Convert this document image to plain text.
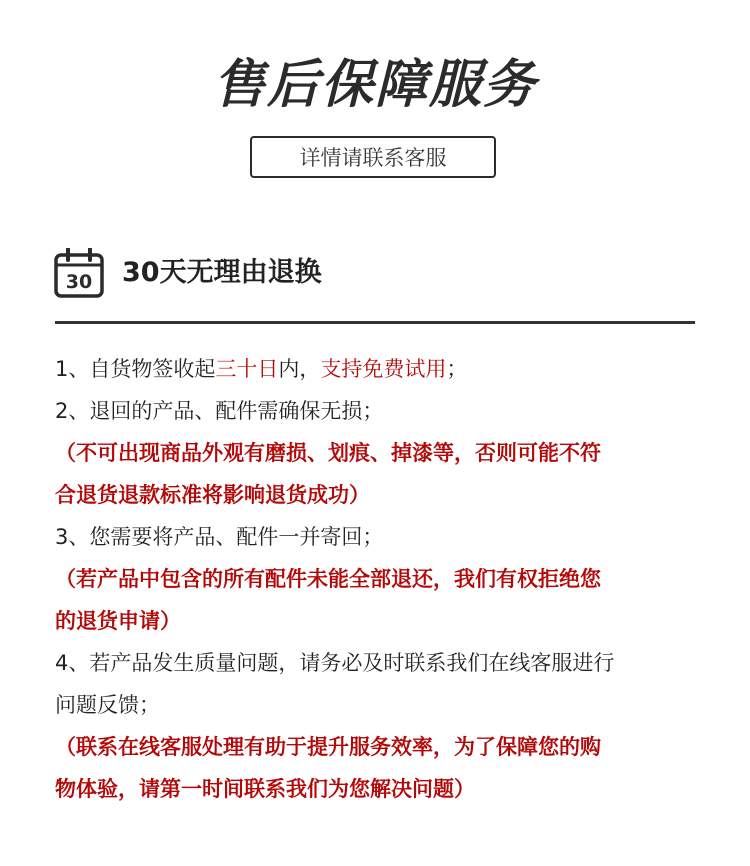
售后保障服务
详情请联系客服
30 30天无理由退换
1、自货物签收起三十日内，支持免费试用；
2、退回的产品、配件需确保无损；
（不可出现商品外观有磨损、划痕、掉漆等，否则可能不符
合退货退款标准将影响退货成功）
3、您需要将产品、配件一并寄回；
（若产品中包含的所有配件未能全部退还，我们有权拒绝您
的退货申请）
4、若产品发生质量问题，请务必及时联系我们在线客服进行
问题反馈；
（联系在线客服处理有助于提升服务效率，为了保障您的购
物体验，请第一时间联系我们为您解决问题）
